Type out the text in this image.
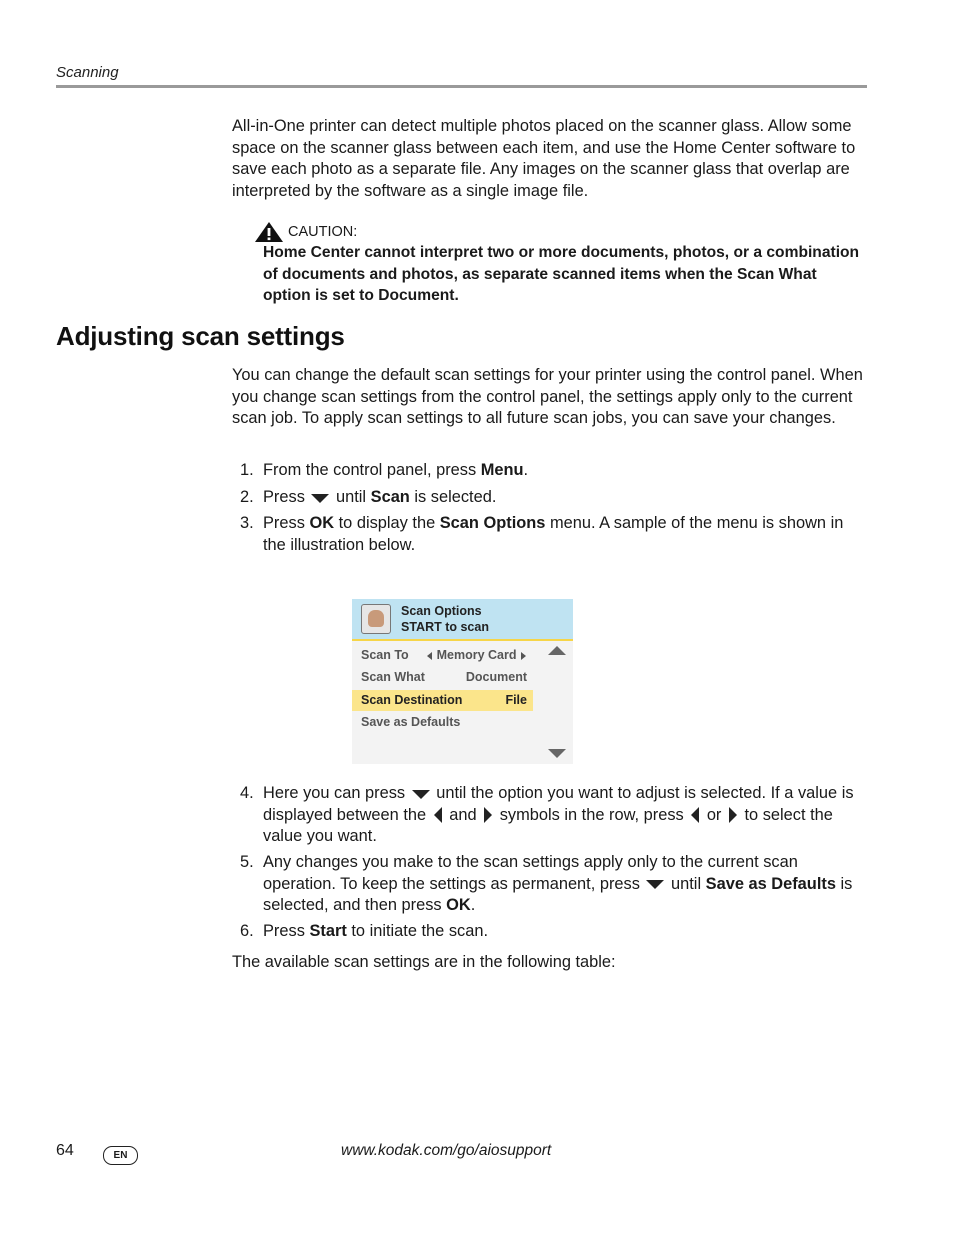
Scanning
All-in-One printer can detect multiple photos placed on the scanner glass. Allow some space on the scanner glass between each item, and use the Home Center software to save each photo as a separate file. Any images on the scanner glass that overlap are interpreted by the software as a single image file.
CAUTION:
Home Center cannot interpret two or more documents, photos, or a combination of documents and photos, as separate scanned items when the Scan What option is set to Document.
Adjusting scan settings
You can change the default scan settings for your printer using the control panel. When you change scan settings from the control panel, the settings apply only to the current scan job. To apply scan settings to all future scan jobs, you can save your changes.
1. From the control panel, press Menu.
2. Press  until Scan is selected.
3. Press OK to display the Scan Options menu. A sample of the menu is shown in the illustration below.
Scan Options
START to scan
Scan To	Memory Card
Scan What	Document
Scan Destination	File
Save as Defaults
4. Here you can press  until the option you want to adjust is selected. If a value is displayed between the  and  symbols in the row, press  or  to select the value you want.
5. Any changes you make to the scan settings apply only to the current scan operation. To keep the settings as permanent, press  until Save as Defaults is selected, and then press OK.
6. Press Start to initiate the scan.
The available scan settings are in the following table:
64	EN	www.kodak.com/go/aiosupport
